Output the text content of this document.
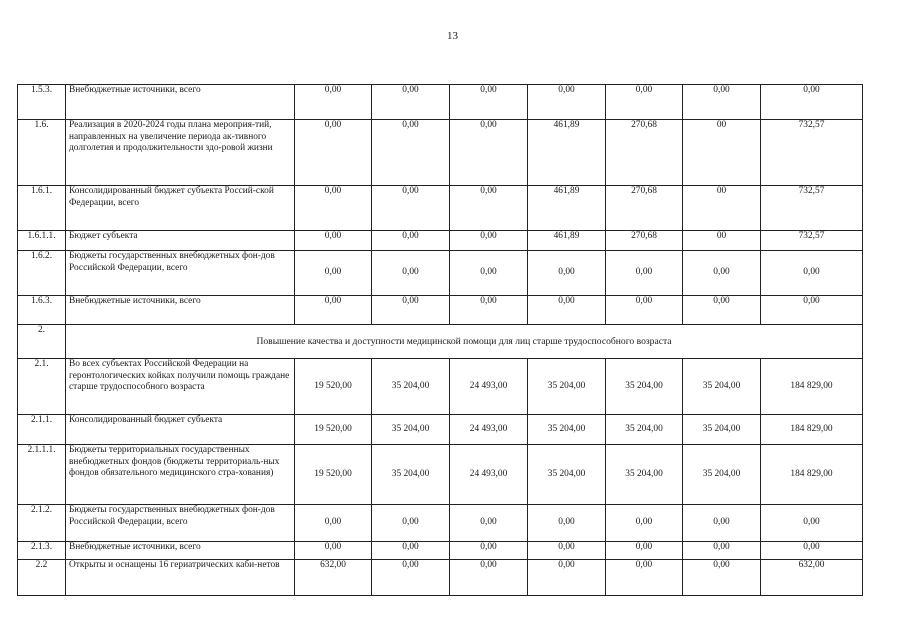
13
1.5.3.	Внебюджетные источники, всего	0,00	0,00	0,00	0,00	0,00	0,00	0,00
1.6.	Реализация в 2020-2024 годы плана мероприя-тий, направленных на увеличение периода ак-тивного долголетия и продолжительности здо-ровой жизни	0,00	0,00	0,00	461,89	270,68	00	732,57
1.6.1.	Консолидированный бюджет субъекта Россий-ской Федерации, всего	0,00	0,00	0,00	461,89	270,68	00	732,57
1.6.1.1.	Бюджет субъекта	0,00	0,00	0,00	461,89	270,68	00	732,57
1.6.2.	Бюджеты государственных внебюджетных фон-дов Российской Федерации, всего	0,00	0,00	0,00	0,00	0,00	0,00	0,00
1.6.3.	Внебюджетные источники, всего	0,00	0,00	0,00	0,00	0,00	0,00	0,00
2.	Повышение качества и доступности медицинской помощи для лиц старше трудоспособного возраста							
2.1.	Во всех субъектах Российской Федерации на геронтологических койках получили помощь граждане старше трудоспособного возраста	19 520,00	35 204,00	24 493,00	35 204,00	35 204,00	35 204,00	184 829,00
2.1.1.	Консолидированный бюджет субъекта	19 520,00	35 204,00	24 493,00	35 204,00	35 204,00	35 204,00	184 829,00
2.1.1.1.	Бюджеты территориальных государственных внебюджетных фондов (бюджеты территориаль-ных фондов обязательного медицинского стра-хования)	19 520,00	35 204,00	24 493,00	35 204,00	35 204,00	35 204,00	184 829,00
2.1.2.	Бюджеты государственных внебюджетных фон-дов Российской Федерации, всего	0,00	0,00	0,00	0,00	0,00	0,00	0,00
2.1.3.	Внебюджетные источники, всего	0,00	0,00	0,00	0,00	0,00	0,00	0,00
2.2	Открыты и оснащены 16 гериатрических каби-нетов	632,00	0,00	0,00	0,00	0,00	0,00	632,00
